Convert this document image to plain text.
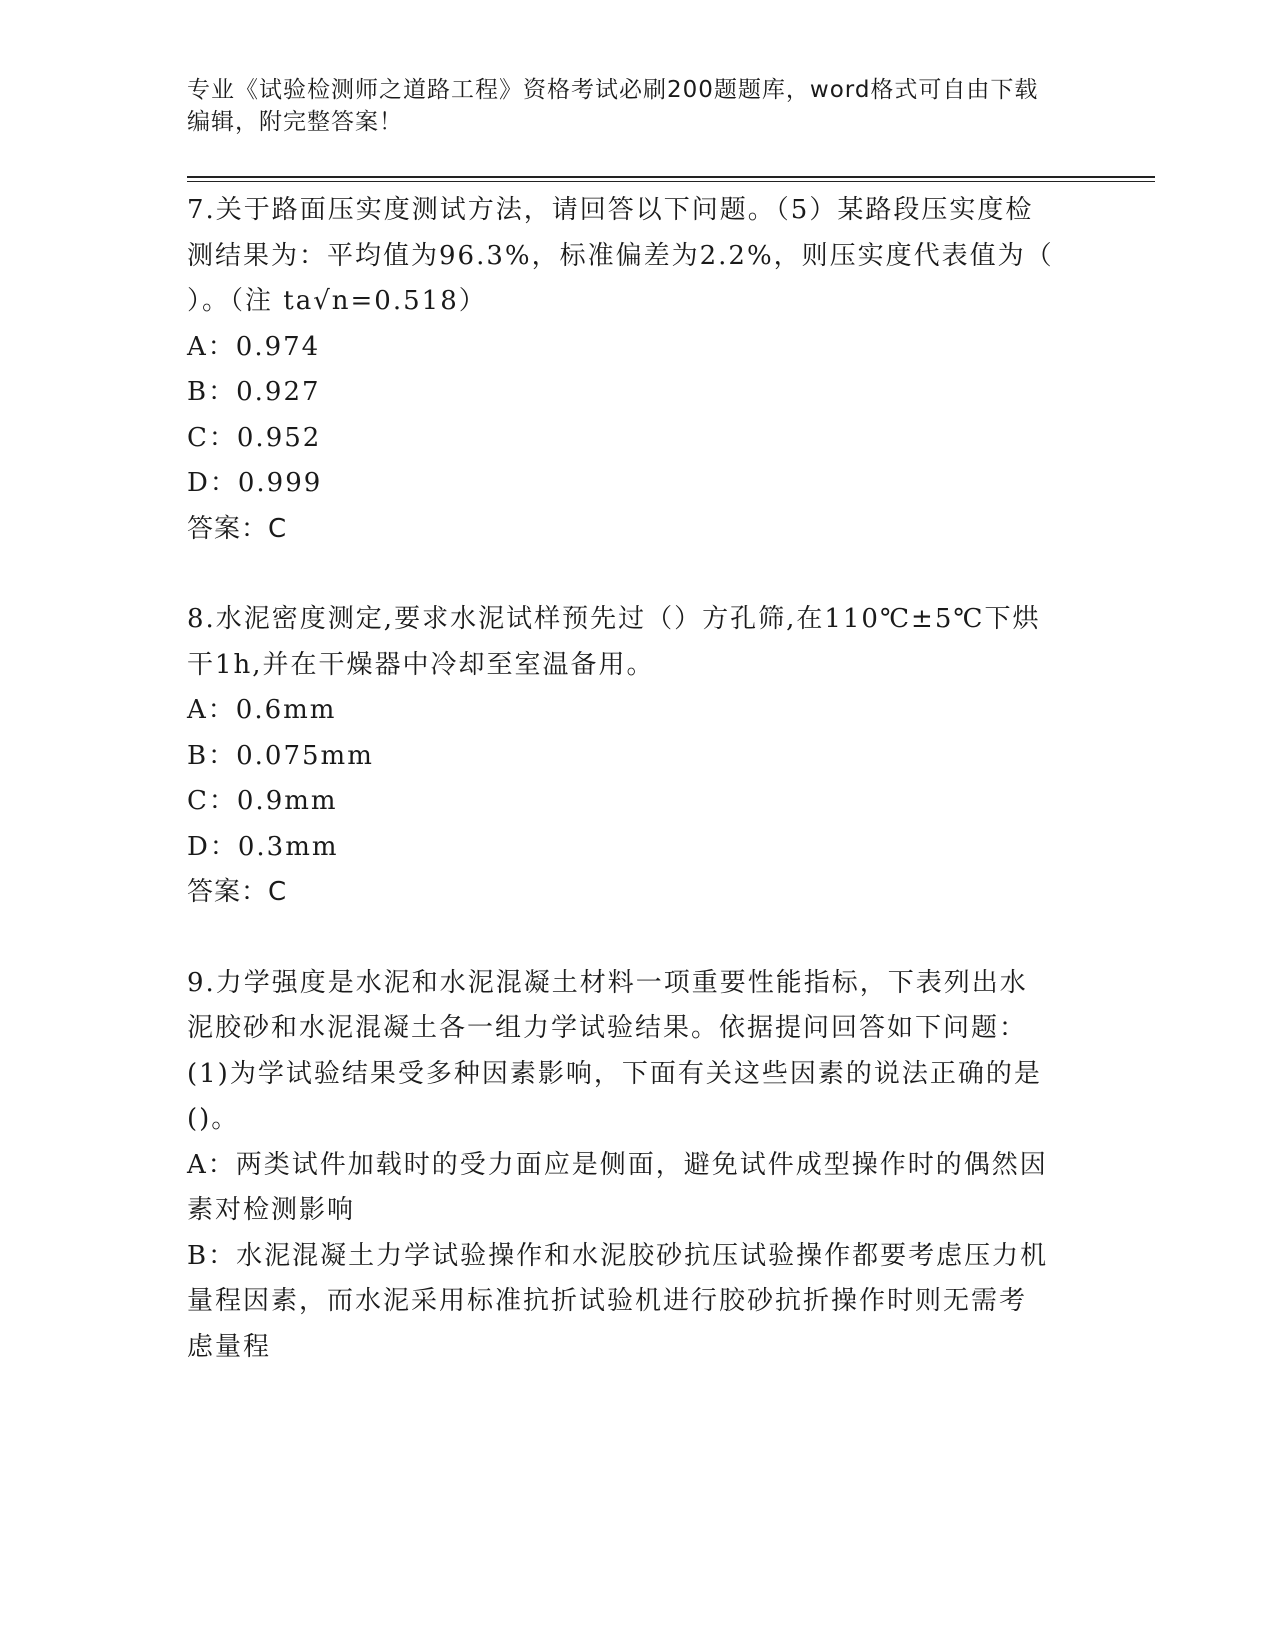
专业《试验检测师之道路工程》资格考试必刷200题题库，word格式可自由下载
编辑，附完整答案！

7.关于路面压实度测试方法，请回答以下问题。（5）某路段压实度检

测结果为：平均值为96.3%，标准偏差为2.2%，则压实度代表值为（

）。（注 ta√n=0.518）

A：0.974

B：0.927

C：0.952

D：0.999

答案：C

8.水泥密度测定,要求水泥试样预先过（）方孔筛,在110℃±5℃下烘

干1h,并在干燥器中冷却至室温备用。

A：0.6mm

B：0.075mm

C：0.9mm

D：0.3mm

答案：C

9.力学强度是水泥和水泥混凝土材料一项重要性能指标，下表列出水

泥胶砂和水泥混凝土各一组力学试验结果。依据提问回答如下问题：

(1)为学试验结果受多种因素影响，下面有关这些因素的说法正确的是

()。

A：两类试件加载时的受力面应是侧面，避免试件成型操作时的偶然因

素对检测影响

B：水泥混凝土力学试验操作和水泥胶砂抗压试验操作都要考虑压力机

量程因素，而水泥采用标准抗折试验机进行胶砂抗折操作时则无需考

虑量程
